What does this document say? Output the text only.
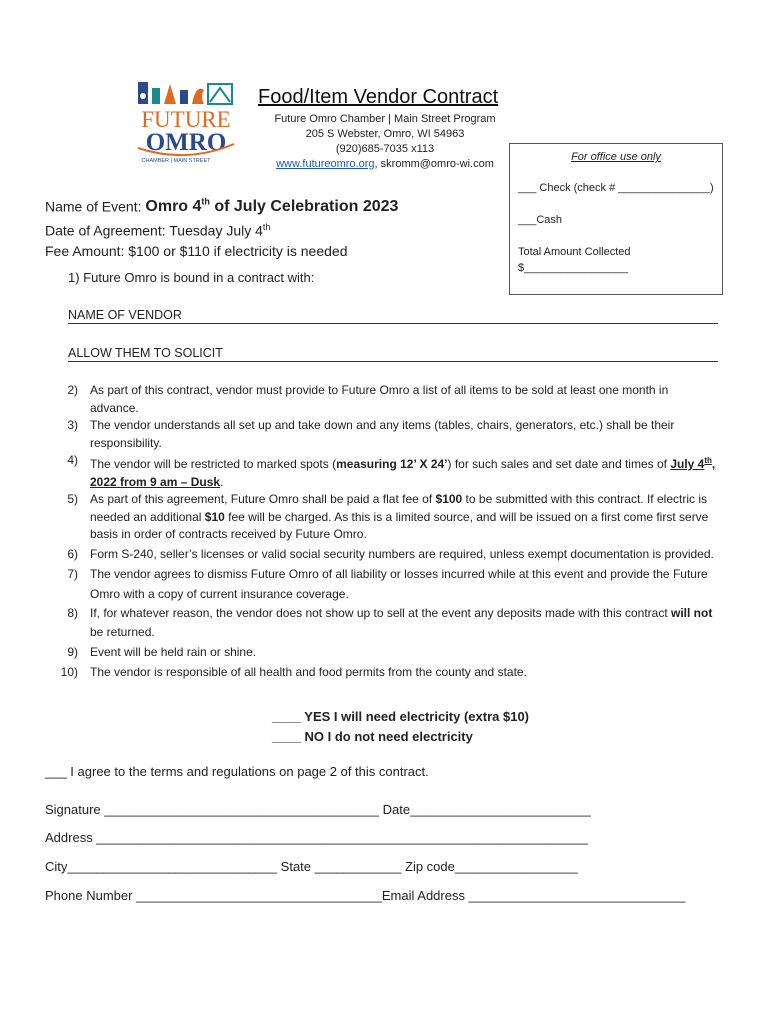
FUTURE
OMRO
CHAMBER | MAIN STREET
Food/Item Vendor Contract
Future Omro Chamber | Main Street Program
205 S Webster, Omro, WI 54963
(920)685-7035 x113
www.futureomro.org, skromm@omro-wi.com
For office use only
___ Check (check # _______________)
___Cash
Total Amount Collected
$_________________
Name of Event: Omro 4th of July Celebration 2023
Date of Agreement: Tuesday July 4th
Fee Amount: $100 or $110 if electricity is needed
1) Future Omro is bound in a contract with:
NAME OF VENDOR
ALLOW THEM TO SOLICIT
2) As part of this contract, vendor must provide to Future Omro a list of all items to be sold at least one month in advance.
3) The vendor understands all set up and take down and any items (tables, chairs, generators, etc.) shall be their responsibility.
4) The vendor will be restricted to marked spots (measuring 12’ X 24’) for such sales and set date and times of July 4th, 2022 from 9 am – Dusk.
5) As part of this agreement, Future Omro shall be paid a flat fee of $100 to be submitted with this contract. If electric is needed an additional $10 fee will be charged. As this is a limited source, and will be issued on a first come first serve basis in order of contracts received by Future Omro.
6) Form S-240, seller’s licenses or valid social security numbers are required, unless exempt documentation is provided.
7) The vendor agrees to dismiss Future Omro of all liability or losses incurred while at this event and provide the Future Omro with a copy of current insurance coverage.
8) If, for whatever reason, the vendor does not show up to sell at the event any deposits made with this contract will not be returned.
9) Event will be held rain or shine.
10) The vendor is responsible of all health and food permits from the county and state.
____ YES I will need electricity (extra $10)
____ NO I do not need electricity
___ I agree to the terms and regulations on page 2 of this contract.
Signature ______________________________________ Date_________________________
Address ____________________________________________________________________
City_____________________________ State ____________ Zip code_________________
Phone Number __________________________________Email Address ______________________________
